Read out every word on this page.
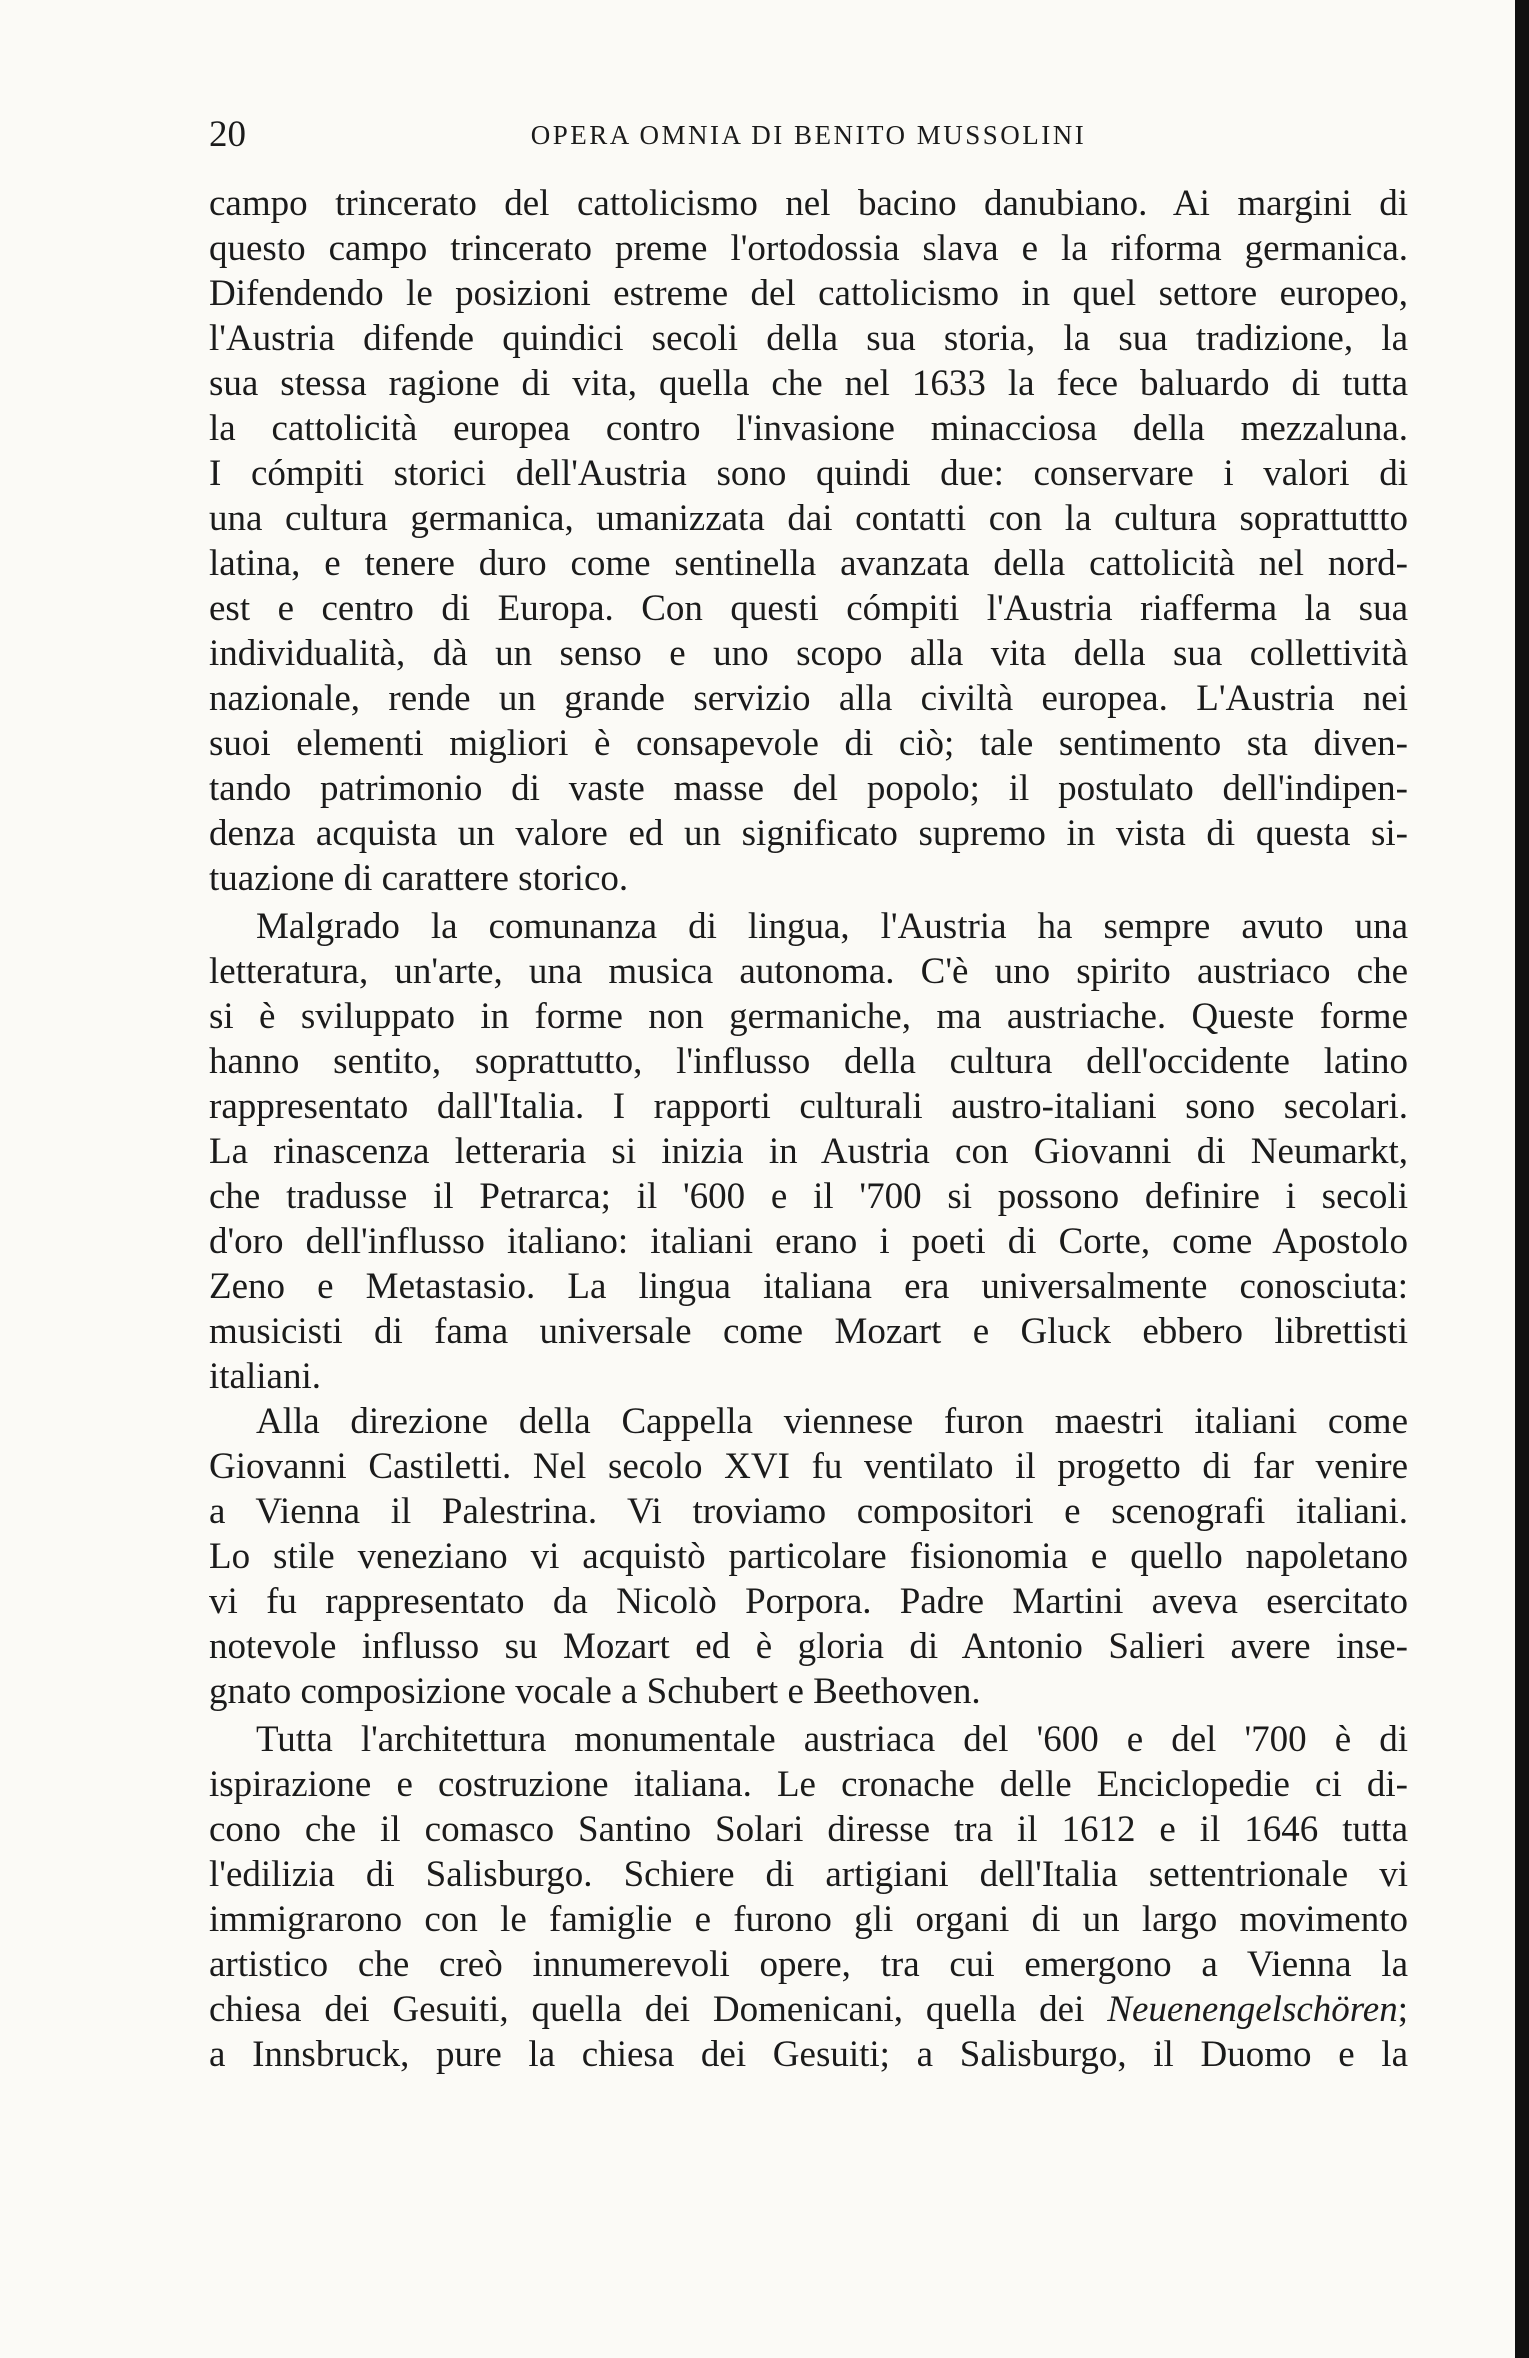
20	OPERA OMNIA DI BENITO MUSSOLINI
campo trincerato del cattolicismo nel bacino danubiano. Ai margini di
questo campo trincerato preme l'ortodossia slava e la riforma germanica.
Difendendo le posizioni estreme del cattolicismo in quel settore europeo,
l'Austria difende quindici secoli della sua storia, la sua tradizione, la
sua stessa ragione di vita, quella che nel 1633 la fece baluardo di tutta
la cattolicità europea contro l'invasione minacciosa della mezzaluna.
I cómpiti storici dell'Austria sono quindi due: conservare i valori di
una cultura germanica, umanizzata dai contatti con la cultura soprattuttto
latina, e tenere duro come sentinella avanzata della cattolicità nel nord-
est e centro di Europa. Con questi cómpiti l'Austria riafferma la sua
individualità, dà un senso e uno scopo alla vita della sua collettività
nazionale, rende un grande servizio alla civiltà europea. L'Austria nei
suoi elementi migliori è consapevole di ciò; tale sentimento sta diven-
tando patrimonio di vaste masse del popolo; il postulato dell'indipen-
denza acquista un valore ed un significato supremo in vista di questa si-
tuazione di carattere storico.
Malgrado la comunanza di lingua, l'Austria ha sempre avuto una
letteratura, un'arte, una musica autonoma. C'è uno spirito austriaco che
si è sviluppato in forme non germaniche, ma austriache. Queste forme
hanno sentito, soprattutto, l'influsso della cultura dell'occidente latino
rappresentato dall'Italia. I rapporti culturali austro-italiani sono secolari.
La rinascenza letteraria si inizia in Austria con Giovanni di Neumarkt,
che tradusse il Petrarca; il '600 e il '700 si possono definire i secoli
d'oro dell'influsso italiano: italiani erano i poeti di Corte, come Apostolo
Zeno e Metastasio. La lingua italiana era universalmente conosciuta:
musicisti di fama universale come Mozart e Gluck ebbero librettisti
italiani.
Alla direzione della Cappella viennese furon maestri italiani come
Giovanni Castiletti. Nel secolo XVI fu ventilato il progetto di far venire
a Vienna il Palestrina. Vi troviamo compositori e scenografi italiani.
Lo stile veneziano vi acquistò particolare fisionomia e quello napoletano
vi fu rappresentato da Nicolò Porpora. Padre Martini aveva esercitato
notevole influsso su Mozart ed è gloria di Antonio Salieri avere inse-
gnato composizione vocale a Schubert e Beethoven.
Tutta l'architettura monumentale austriaca del '600 e del '700 è di
ispirazione e costruzione italiana. Le cronache delle Enciclopedie ci di-
cono che il comasco Santino Solari diresse tra il 1612 e il 1646 tutta
l'edilizia di Salisburgo. Schiere di artigiani dell'Italia settentrionale vi
immigrarono con le famiglie e furono gli organi di un largo movimento
artistico che creò innumerevoli opere, tra cui emergono a Vienna la
chiesa dei Gesuiti, quella dei Domenicani, quella dei Neuenengelschören;
a Innsbruck, pure la chiesa dei Gesuiti; a Salisburgo, il Duomo e la
